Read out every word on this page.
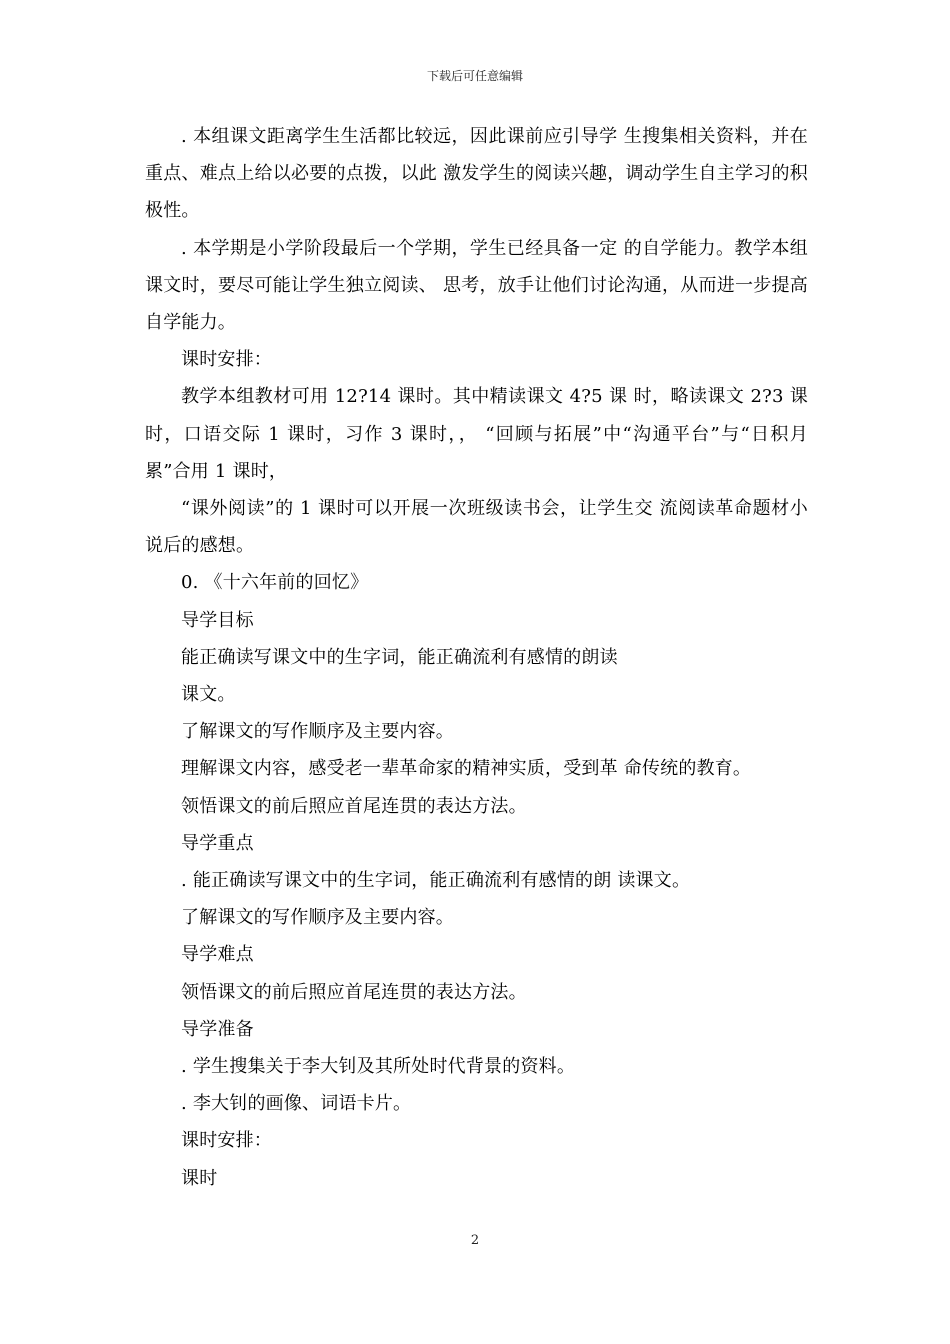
下载后可任意编辑

. 本组课文距离学生生活都比较远，因此课前应引导学 生搜集相关资料，并在重点、难点上给以必要的点拨，以此 激发学生的阅读兴趣，调动学生自主学习的积极性。

. 本学期是小学阶段最后一个学期，学生已经具备一定 的自学能力。教学本组课文时，要尽可能让学生独立阅读、 思考，放手让他们讨论沟通，从而进一步提高自学能力。

课时安排：

教学本组教材可用 12?14 课时。其中精读课文 4?5 课 时，略读课文 2?3 课时，口语交际 1 课时，习作 3 课时，， “回顾与拓展”中“沟通平台”与“日积月累”合用 1 课时，

“课外阅读”的 1 课时可以开展一次班级读书会，让学生交 流阅读革命题材小说后的感想。

0. 《十六年前的回忆》

导学目标

能正确读写课文中的生字词，能正确流利有感情的朗读

课文。

了解课文的写作顺序及主要内容。

理解课文内容，感受老一辈革命家的精神实质，受到革 命传统的教育。

领悟课文的前后照应首尾连贯的表达方法。

导学重点

. 能正确读写课文中的生字词，能正确流利有感情的朗 读课文。

了解课文的写作顺序及主要内容。

导学难点

领悟课文的前后照应首尾连贯的表达方法。

导学准备

. 学生搜集关于李大钊及其所处时代背景的资料。

. 李大钊的画像、词语卡片。

课时安排：

课时

2
